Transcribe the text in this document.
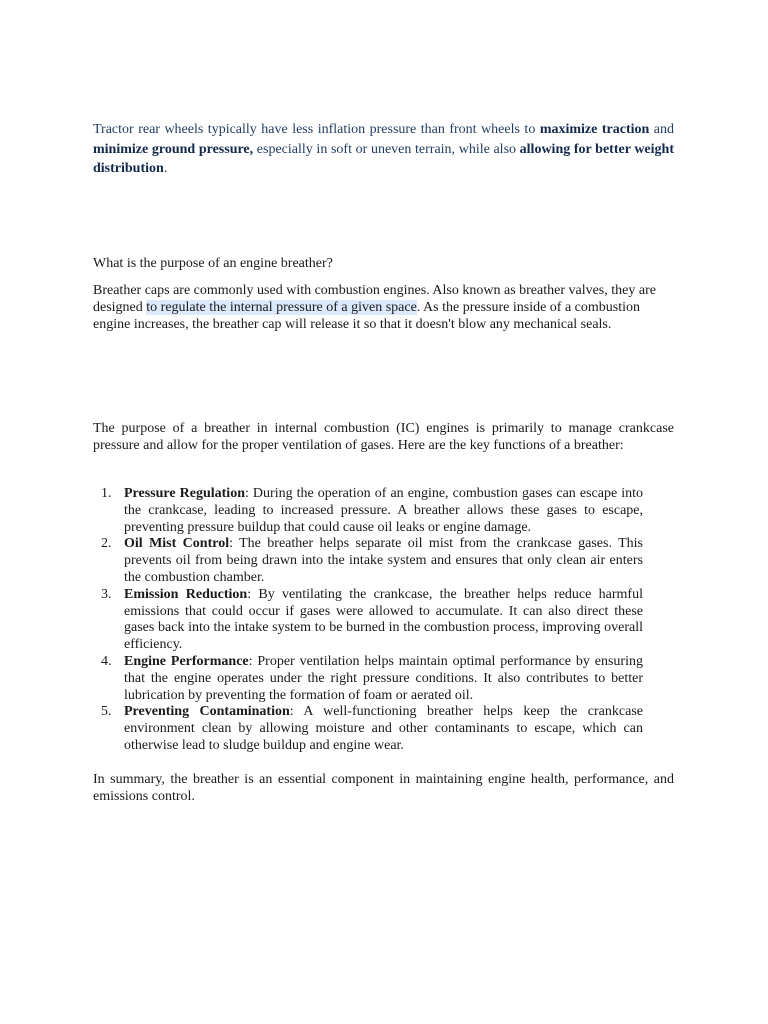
Tractor rear wheels typically have less inflation pressure than front wheels to maximize traction and minimize ground pressure, especially in soft or uneven terrain, while also allowing for better weight distribution.

What is the purpose of an engine breather?

Breather caps are commonly used with combustion engines. Also known as breather valves, they are designed to regulate the internal pressure of a given space. As the pressure inside of a combustion engine increases, the breather cap will release it so that it doesn't blow any mechanical seals.

The purpose of a breather in internal combustion (IC) engines is primarily to manage crankcase pressure and allow for the proper ventilation of gases. Here are the key functions of a breather:

1. Pressure Regulation: During the operation of an engine, combustion gases can escape into the crankcase, leading to increased pressure. A breather allows these gases to escape, preventing pressure buildup that could cause oil leaks or engine damage.
2. Oil Mist Control: The breather helps separate oil mist from the crankcase gases. This prevents oil from being drawn into the intake system and ensures that only clean air enters the combustion chamber.
3. Emission Reduction: By ventilating the crankcase, the breather helps reduce harmful emissions that could occur if gases were allowed to accumulate. It can also direct these gases back into the intake system to be burned in the combustion process, improving overall efficiency.
4. Engine Performance: Proper ventilation helps maintain optimal performance by ensuring that the engine operates under the right pressure conditions. It also contributes to better lubrication by preventing the formation of foam or aerated oil.
5. Preventing Contamination: A well-functioning breather helps keep the crankcase environment clean by allowing moisture and other contaminants to escape, which can otherwise lead to sludge buildup and engine wear.

In summary, the breather is an essential component in maintaining engine health, performance, and emissions control.
